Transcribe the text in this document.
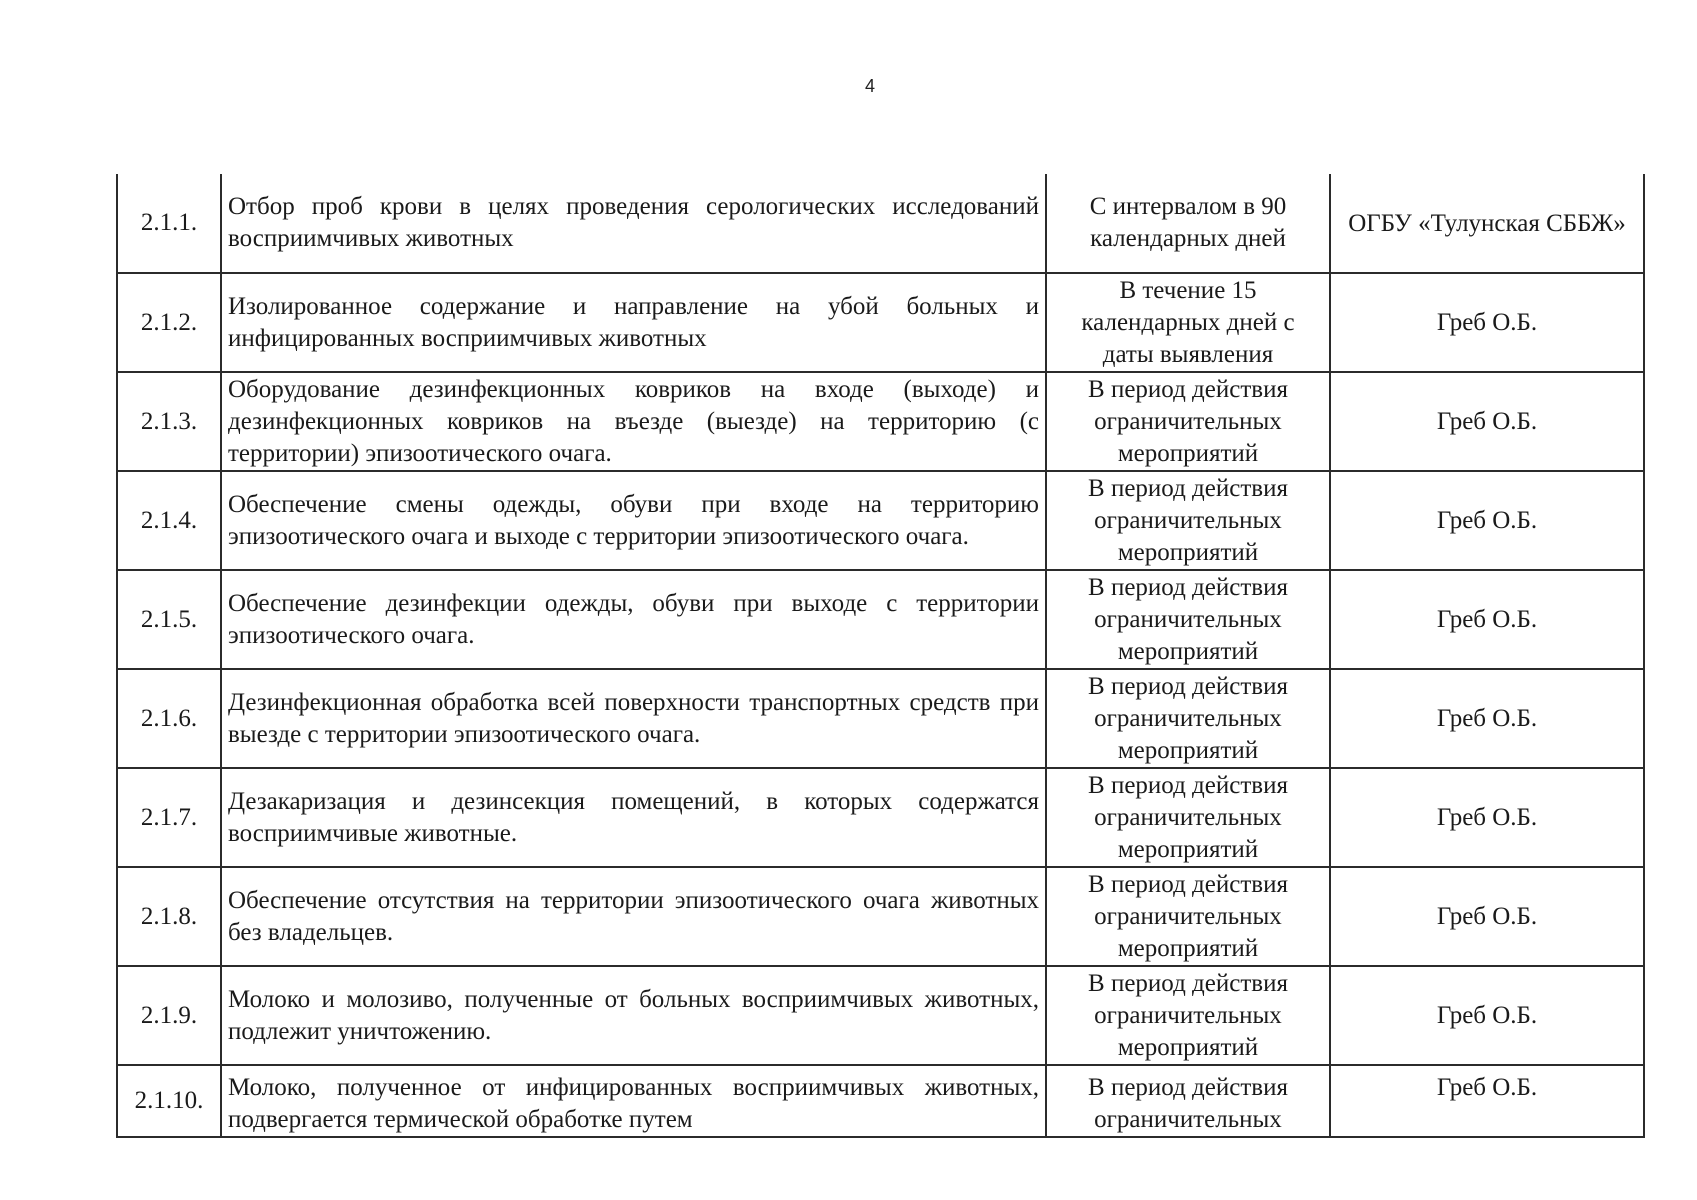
4
2.1.1.	Отбор проб крови в целях проведения серологических исследований восприимчивых животных	С интервалом в 90 календарных дней	ОГБУ «Тулунская СББЖ»
2.1.2.	Изолированное содержание и направление на убой больных и инфицированных восприимчивых животных	В течение 15 календарных дней с даты выявления	Греб О.Б.
2.1.3.	Оборудование дезинфекционных ковриков на входе (выходе) и дезинфекционных ковриков на въезде (выезде) на территорию (с территории) эпизоотического очага.	В период действия ограничительных мероприятий	Греб О.Б.
2.1.4.	Обеспечение смены одежды, обуви при входе на территорию эпизоотического очага и выходе с территории эпизоотического очага.	В период действия ограничительных мероприятий	Греб О.Б.
2.1.5.	Обеспечение дезинфекции одежды, обуви при выходе с территории эпизоотического очага.	В период действия ограничительных мероприятий	Греб О.Б.
2.1.6.	Дезинфекционная обработка всей поверхности транспортных средств при выезде с территории эпизоотического очага.	В период действия ограничительных мероприятий	Греб О.Б.
2.1.7.	Дезакаризация и дезинсекция помещений, в которых содержатся восприимчивые животные.	В период действия ограничительных мероприятий	Греб О.Б.
2.1.8.	Обеспечение отсутствия на территории эпизоотического очага животных без владельцев.	В период действия ограничительных мероприятий	Греб О.Б.
2.1.9.	Молоко и молозиво, полученные от больных восприимчивых животных, подлежит уничтожению.	В период действия ограничительных мероприятий	Греб О.Б.
2.1.10.	Молоко, полученное от инфицированных восприимчивых животных, подвергается термической обработке путем	В период действия ограничительных	Греб О.Б.
